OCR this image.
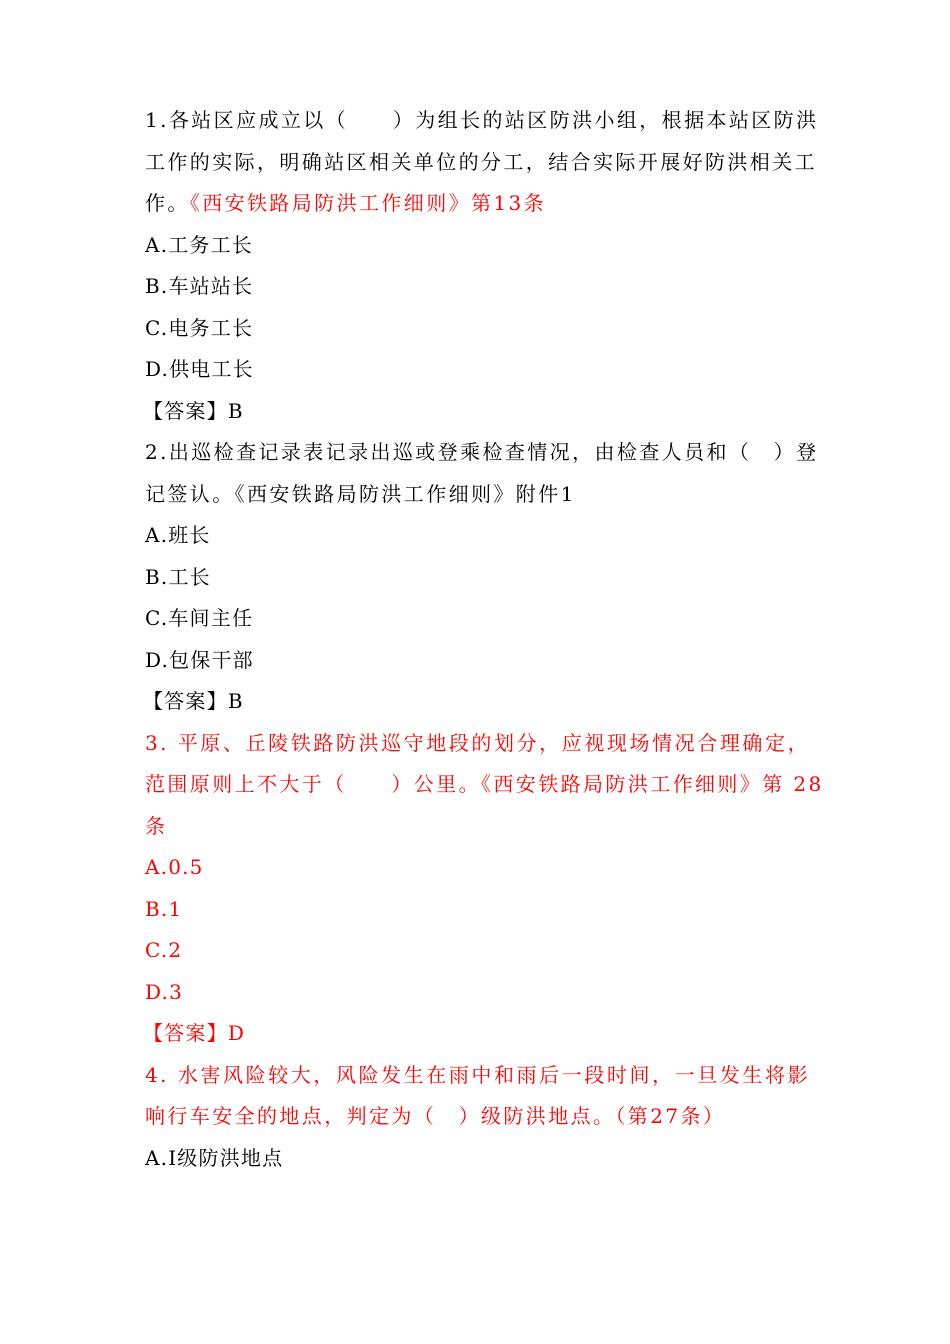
1.各站区应成立以（　　）为组长的站区防洪小组，根据本站区防洪
工作的实际，明确站区相关单位的分工，结合实际开展好防洪相关工
作。《西安铁路局防洪工作细则》第13条
A.工务工长
B.车站站长
C.电务工长
D.供电工长
【答案】B
2.出巡检查记录表记录出巡或登乘检查情况，由检查人员和（　）登
记签认。《西安铁路局防洪工作细则》附件1
A.班长
B.工长
C.车间主任
D.包保干部
【答案】B
3. 平原、丘陵铁路防洪巡守地段的划分，应视现场情况合理确定，
范围原则上不大于（　　）公里。《西安铁路局防洪工作细则》第 28
条
A.0.5
B.1
C.2
D.3
【答案】D
4. 水害风险较大，风险发生在雨中和雨后一段时间，一旦发生将影
响行车安全的地点，判定为（　）级防洪地点。（第27条）
A.Ⅰ级防洪地点
